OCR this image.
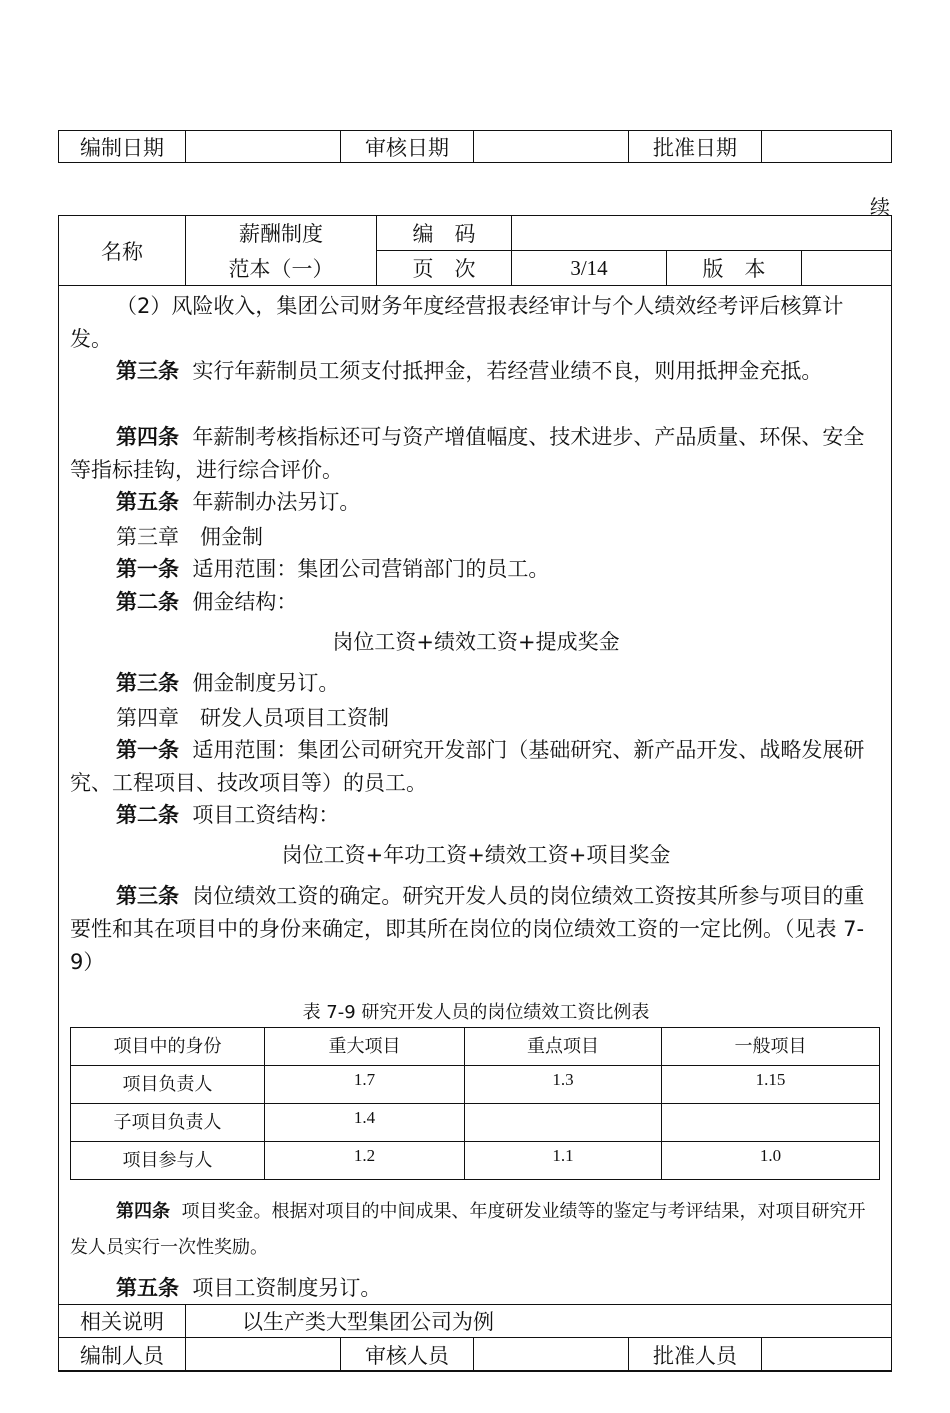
编制日期		审核日期		批准日期	
续
名称	薪酬制度	编　码			
	范本（一）	页　次	3/14	版　本	
（2）风险收入，集团公司财务年度经营报表经审计与个人绩效经考评后核算计发。
第三条 实行年薪制员工须支付抵押金，若经营业绩不良，则用抵押金充抵。
第四条 年薪制考核指标还可与资产增值幅度、技术进步、产品质量、环保、安全等指标挂钩，进行综合评价。
第五条 年薪制办法另订。
第三章　佣金制
第一条 适用范围：集团公司营销部门的员工。
第二条 佣金结构：
岗位工资+绩效工资+提成奖金
第三条 佣金制度另订。
第四章　研发人员项目工资制
第一条 适用范围：集团公司研究开发部门（基础研究、新产品开发、战略发展研究、工程项目、技改项目等）的员工。
第二条 项目工资结构：
岗位工资+年功工资+绩效工资+项目奖金
第三条 岗位绩效工资的确定。研究开发人员的岗位绩效工资按其所参与项目的重要性和其在项目中的身份来确定，即其所在岗位的岗位绩效工资的一定比例。（见表 7-9）
表 7-9 研究开发人员的岗位绩效工资比例表
项目中的身份	重大项目	重点项目	一般项目
项目负责人	1.7	1.3	1.15
子项目负责人	1.4		
项目参与人	1.2	1.1	1.0
第四条 项目奖金。根据对项目的中间成果、年度研发业绩等的鉴定与考评结果，对项目研究开发人员实行一次性奖励。
第五条 项目工资制度另订。
相关说明	以生产类大型集团公司为例				
编制人员		审核人员		批准人员	
